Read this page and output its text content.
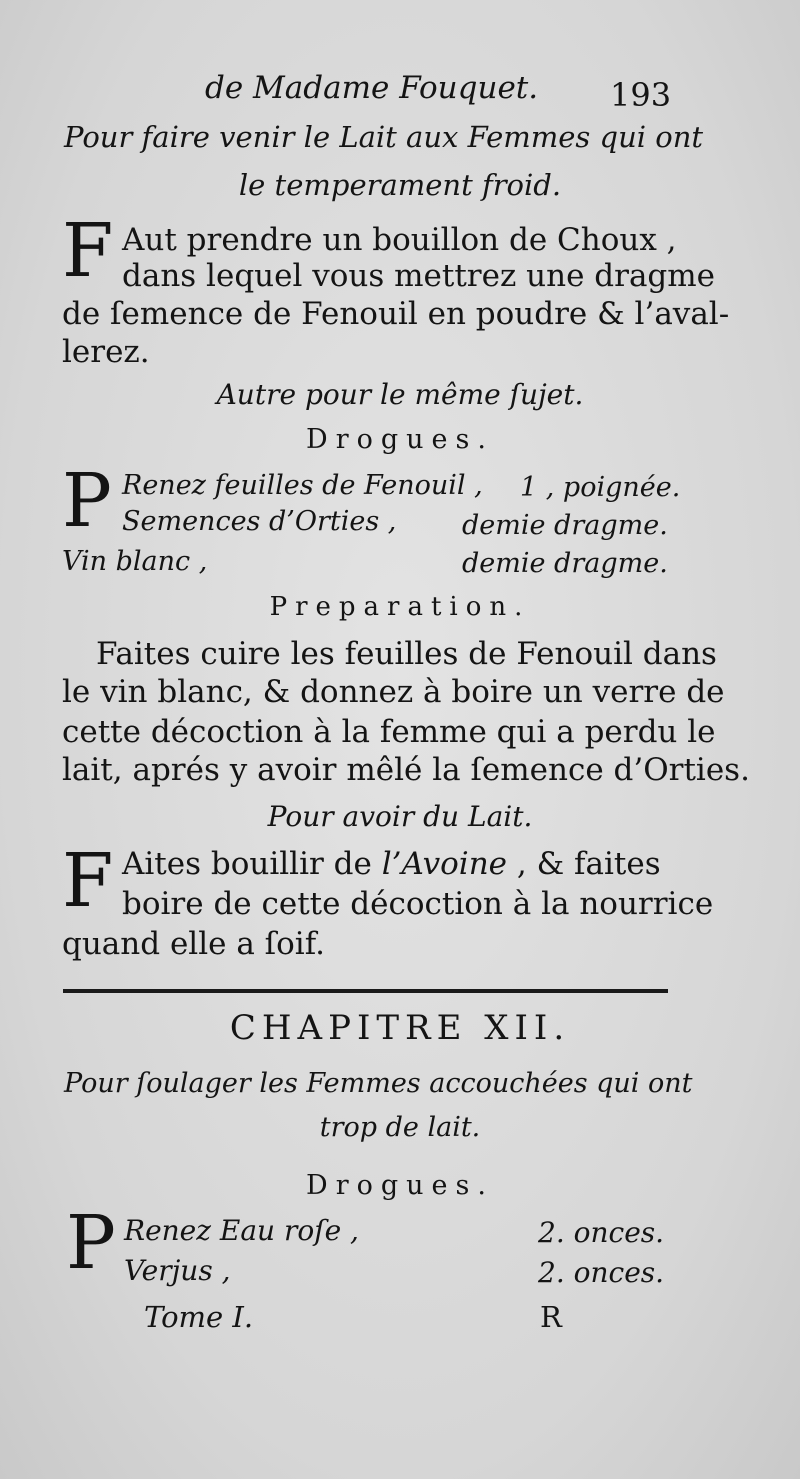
de Madame Fouquet. 193
Pour faire venir le Lait aux Femmes qui ont
le temperament froid.
F Aut prendre un bouillon de Choux ,
dans lequel vous mettrez une dragme
de ſemence de Fenouil en poudre & l’aval-
lerez.
Autre pour le même ſujet.
Drogues.
P Renez feuilles de Fenouil , 1 , poignée.
Semences d’Orties , demie dragme.
Vin blanc ,	demie dragme.
Preparation.
Faites cuire les feuilles de Fenouil dans
le vin blanc, & donnez à boire un verre de
cette décoction à la femme qui a perdu le
lait, aprés y avoir mêlé la ſemence d’Orties.
Pour avoir du Lait.
F Aites bouillir de l’Avoine , & faites
boire de cette décoction à la nourrice
quand elle a ſoif.
CHAPITRE XII.
Pour ſoulager les Femmes accouchées qui ont
trop de lait.
Drogues.
P Renez Eau roſe ,	2. onces.
Verjus ,	2. onces.
Tome I.	R
